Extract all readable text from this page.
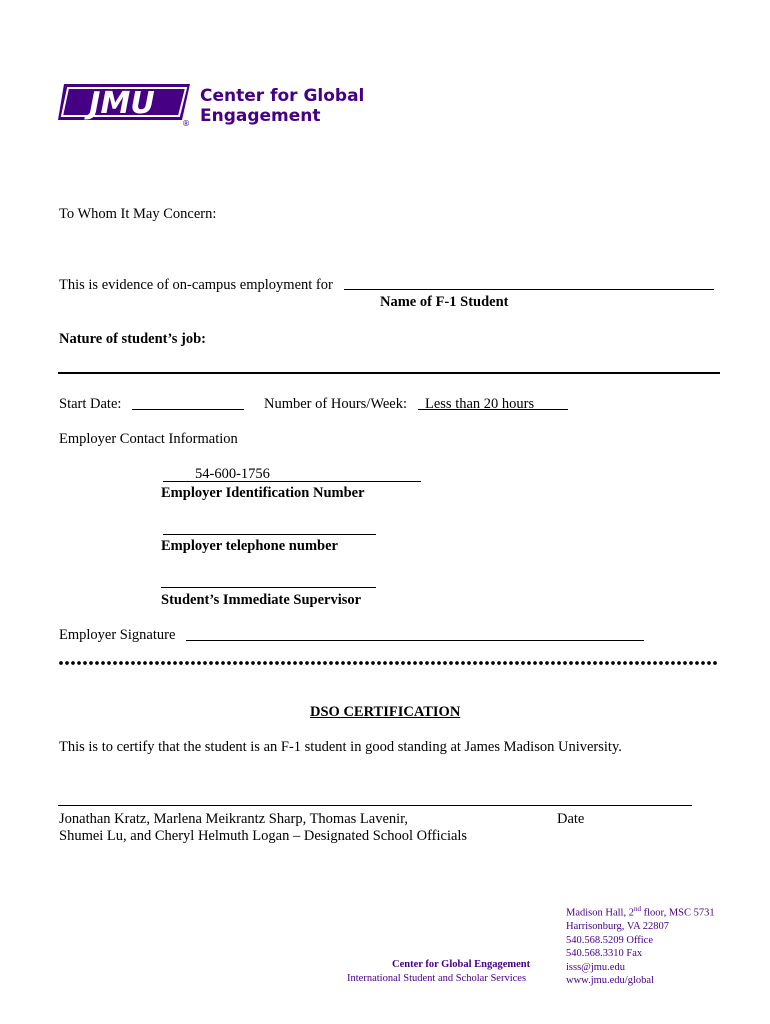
JMU
®
Center for Global
Engagement
To Whom It May Concern:
This is evidence of on-campus employment for
Name of F-1 Student
Nature of student’s job:
Start Date:	Number of Hours/Week: Less than 20 hours
Employer Contact Information
54-600-1756
Employer Identification Number
Employer telephone number
Student’s Immediate Supervisor
Employer Signature
DSO CERTIFICATION
This is to certify that the student is an F-1 student in good standing at James Madison University.
Jonathan Kratz, Marlena Meikrantz Sharp, Thomas Lavenir,
Shumei Lu, and Cheryl Helmuth Logan – Designated School Officials
Date
Center for Global Engagement
International Student and Scholar Services
Madison Hall, 2nd floor, MSC 5731
Harrisonburg, VA 22807
540.568.5209 Office
540.568.3310 Fax
isss@jmu.edu
www.jmu.edu/global
